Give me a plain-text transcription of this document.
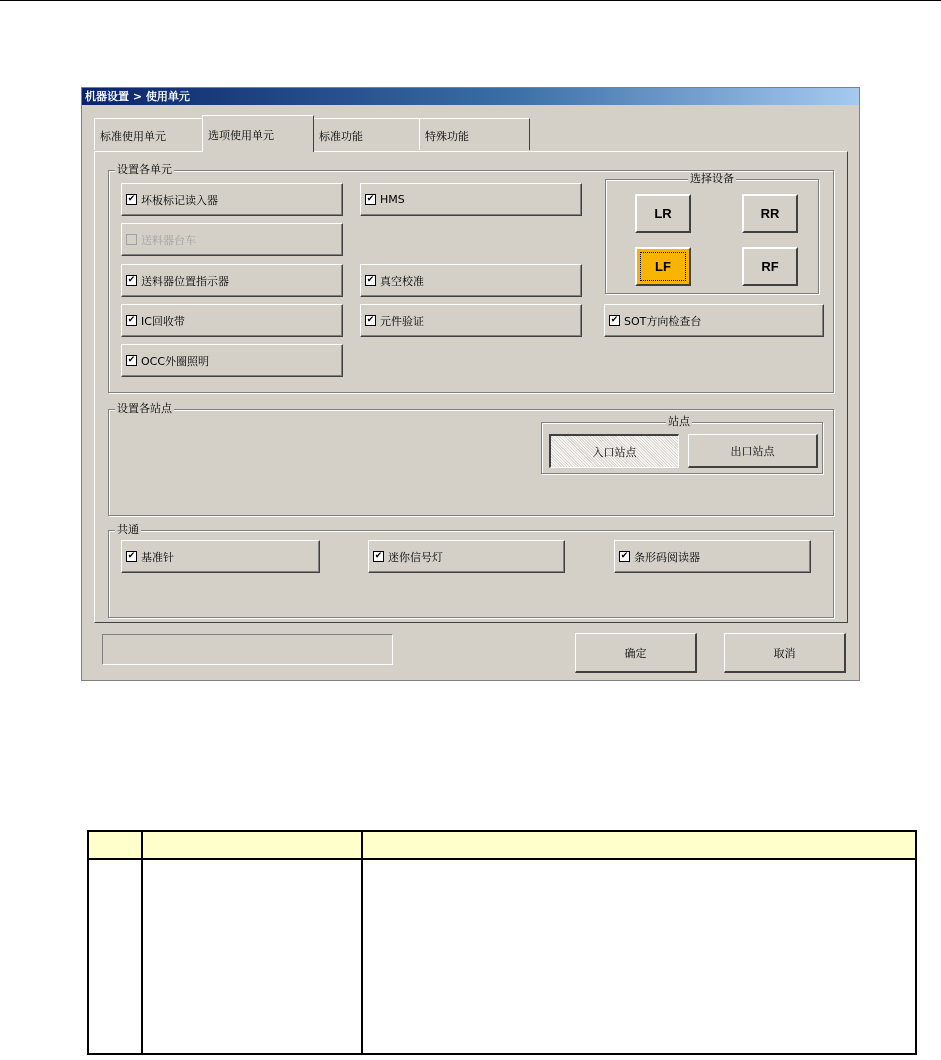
机器设置 > 使用单元
标准使用单元	选项使用单元	标准功能	特殊功能
设置各单元
✔ 坏板标记读入器	✔ HMS
送料器台车
✔ 送料器位置指示器	✔ 真空校准
✔ IC回收带	✔ 元件验证
✔ OCC外圈照明
✔ SOT方向检查台
选择设备
LR	RR
LF	RF
设置各站点
站点
入口站点	出口站点
共通
✔ 基准针	✔ 迷你信号灯	✔ 条形码阅读器
确定	取消
